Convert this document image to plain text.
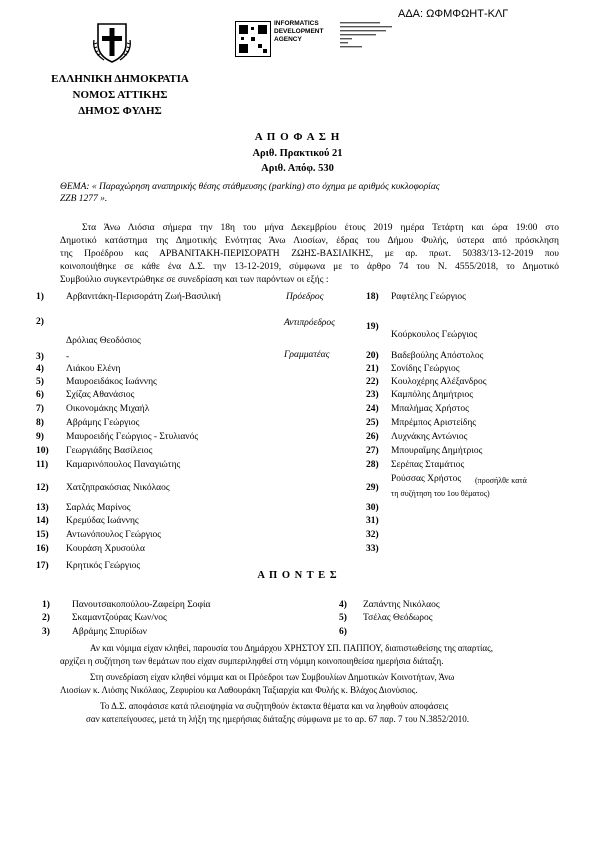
ΑΔΑ: ΩΦΜΦΩΗΤ-ΚΛΓ
INFORMATICS
DEVELOPMENT
AGENCY
ΕΛΛΗΝΙΚΗ ΔΗΜΟΚΡΑΤΙΑ
ΝΟΜΟΣ ΑΤΤΙΚΗΣ
ΔΗΜΟΣ ΦΥΛΗΣ
Α Π Ο Φ Α Σ Η
Αριθ. Πρακτικού 21
Αριθ. Απόφ. 530
ΘΕΜΑ: « Παραχώρηση αναπηρικής θέσης στάθμευσης (parking) στο όχημα με αριθμός κυκλοφορίας
ΖΖΒ 1277 ».
Στα Άνω Λιόσια σήμερα την 18η του μήνα Δεκεμβρίου έτους 2019 ημέρα Τετάρτη και ώρα 19:00 στο
Δημοτικό κατάστημα της Δημοτικής Ενότητας Άνω Λιοσίων, έδρας του Δήμου Φυλής, ύστερα από πρόσκληση
της Προέδρου κας ΑΡΒΑΝΙΤΑΚΗ-ΠΕΡΙΣΟΡΑΤΗ ΖΩΗΣ-ΒΑΣΙΛΙΚΗΣ, με αρ. πρωτ. 50383/13-12-2019 που
κοινοποιήθηκε σε κάθε ένα Δ.Σ. την 13-12-2019, σύμφωνα με το άρθρο 74 του Ν. 4555/2018, το Δημοτικό
Συμβούλιο συγκεντρώθηκε σε συνεδρίαση και των παρόντων οι εξής :
1) Αρβανιτάκη-Περισοράτη Ζωή-Βασιλική	Πρόεδρος
2)
Δρόλιας Θεοδόσιος
Αντιπρόεδρος
3) -	Γραμματέας
4) Λιάκου Ελένη
5) Μαυροειδάκος Ιωάννης
6) Σχίζας Αθανάσιος
7) Οικονομάκης Μιχαήλ
8) Αβράμης Γεώργιος
9) Μαυροειδής Γεώργιος - Στυλιανός
10) Γεωργιάδης Βασίλειος
11) Καμαρινόπουλος Παναγιώτης
12) Χατζηπρακόσιας Νικόλαος
13) Σαρλάς Μαρίνος
14) Κρεμύδας Ιωάννης
15) Αντωνόπουλος Γεώργιος
16) Κουράση Χρυσούλα
17) Κρητικός Γεώργιος
18) Ραφτέλης Γεώργιος
19)
Κούρκουλος Γεώργιος
20) Βαδεβούλης Απόστολος
21) Σονίδης Γεώργιος
22) Κουλοχέρης Αλέξανδρος
23) Καμπόλης Δημήτριος
24) Μπαλήμας Χρήστος
25) Μπρέμπος Αριστείδης
26) Λυχνάκης Αντώνιος
27) Μπουραΐμης Δημήτριος
28) Σερέπας Σταμάτιος
29)
Ρούσσας Χρήστος (προσήλθε κατά
τη συζήτηση του 1ου θέματος)
30)
31)
32)
33)
Α Π Ο Ν Τ Ε Σ
1) Πανουτσακοπούλου-Ζαφείρη Σοφία
2) Σκαμαντζούρας Κων/νος
3) Αβράμης Σπυρίδων
4) Ζαπάντης Νικόλαος
5) Τσέλας Θεόδωρος
6)
Αν και νόμιμα είχαν κληθεί, παρουσία του Δημάρχου ΧΡΗΣΤΟΥ ΣΠ. ΠΑΠΠΟΥ, διαπιστωθείσης της απαρτίας,
αρχίζει η συζήτηση των θεμάτων που είχαν συμπεριληφθεί στη νόμιμη κοινοποιηθείσα ημερήσια διάταξη.
Στη συνεδρίαση είχαν κληθεί νόμιμα και οι Πρόεδροι των Συμβουλίων Δημοτικών Κοινοτήτων, Άνω
Λιοσίων κ. Λιόσης Νικόλαος, Ζεφυρίου κα Λαθουράκη Ταξιαρχία και Φυλής κ. Βλάχος Διονύσιος.
Το Δ.Σ. αποφάσισε κατά πλειοψηφία να συζητηθούν έκτακτα θέματα και να ληφθούν αποφάσεις
σαν κατεπείγουσες, μετά τη λήξη της ημερήσιας διάταξης σύμφωνα με το αρ. 67 παρ. 7 του Ν.3852/2010.
